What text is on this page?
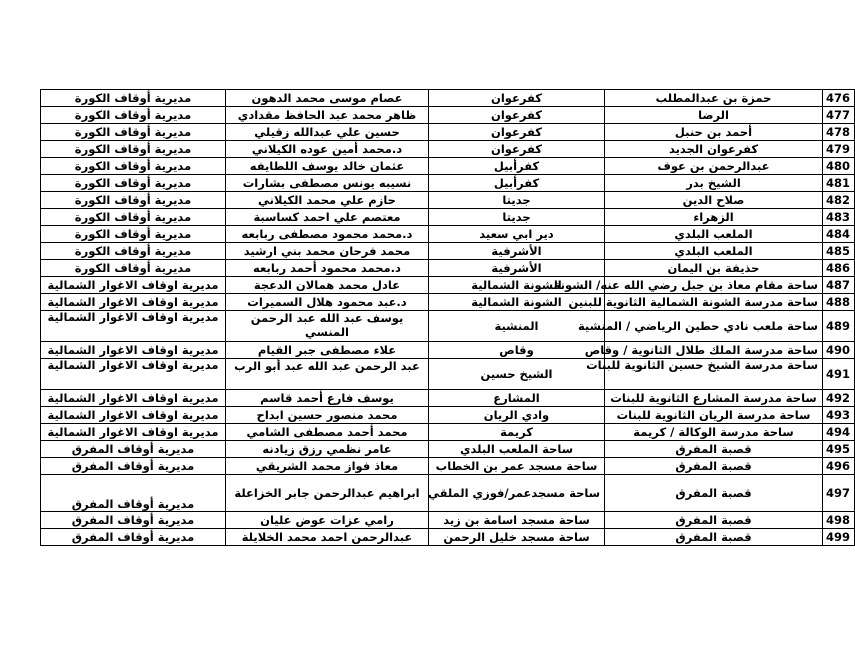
476	حمزة بن عبدالمطلب	كفرعوان	عصام موسى محمد الدهون	مديرية أوقاف الكورة
477	الرضا	كفرعوان	ظاهر محمد عبد الحافظ مقدادي	مديرية أوقاف الكورة
478	أحمد بن حنبل	كفرعوان	حسين علي عبدالله زقيلي	مديرية أوقاف الكورة
479	كفرعوان الجديد	كفرعوان	د.محمد أمين عوده الكيلاني	مديرية أوقاف الكورة
480	عبدالرحمن بن عوف	كفرأبيل	عثمان خالد يوسف اللطايفه	مديرية أوقاف الكورة
481	الشيخ بدر	كفرأبيل	نسيبه يونس مصطفى بشارات	مديرية أوقاف الكورة
482	صلاح الدين	جديتا	حازم علي محمد الكيلاني	مديرية أوقاف الكورة
483	الزهراء	جديتا	معتصم علي احمد كساسبة	مديرية أوقاف الكورة
484	الملعب البلدي	دير ابي سعيد	د.محمد محمود مصطفى ربابعه	مديرية أوقاف الكورة
485	الملعب البلدي	الأشرفية	محمد فرحان محمد بني ارشيد	مديرية أوقاف الكورة
486	حذيفة بن اليمان	الأشرفية	د.محمد محمود أحمد ربابعه	مديرية أوقاف الكورة
487	ساحة مقام معاذ بن جبل رضي الله عنه/ الشونة	الشونة الشمالية	عادل محمد همالان الدعجة	مديرية اوقاف الاغوار الشمالية
488	ساحة مدرسة الشونة الشمالية الثانوية للبنين	الشونة الشمالية	د.عبد محمود هلال السميرات	مديرية اوقاف الاغوار الشمالية
489	ساحة ملعب نادي حطين الرياضي / المنشية	المنشية	يوسف عبد الله عبد الرحمن المنسي	مديرية اوقاف الاغوار الشمالية
490	ساحة مدرسة الملك طلال الثانوية / وقاص	وقاص	علاء مصطفى جبر القيام	مديرية اوقاف الاغوار الشمالية
491	ساحة مدرسة الشيخ حسين الثانوية للبنات	الشيخ حسين	عبد الرحمن عبد الله عبد أبو الرب	مديرية اوقاف الاغوار الشمالية
492	ساحة مدرسة المشارع الثانوية للبنات	المشارع	يوسف فارع أحمد قاسم	مديرية اوقاف الاغوار الشمالية
493	ساحة مدرسة الريان الثانوية للبنات	وادي الريان	محمد منصور حسين ابداح	مديرية اوقاف الاغوار الشمالية
494	ساحة مدرسة الوكالة / كريمة	كريمة	محمد أحمد مصطفى الشامي	مديرية اوقاف الاغوار الشمالية
495	قصبة المفرق	ساحة الملعب البلدي	عامر نظمي رزق زيادنه	مديرية أوقاف المفرق
496	قصبة المفرق	ساحة مسجد عمر بن الخطاب	معاذ فواز محمد الشريقي	مديرية أوقاف المفرق
497	قصبة المفرق	ساحة مسجدعمر/فوزي الملقي	ابراهيم عبدالرحمن جابر الخزاعلة	مديرية أوقاف المفرق
498	قصبة المفرق	ساحة مسجد اسامة بن زيد	رامي عزات عوض عليان	مديرية أوقاف المفرق
499	قصبة المفرق	ساحة مسجد خليل الرحمن	عبدالرحمن احمد محمد الخلايلة	مديرية أوقاف المفرق
